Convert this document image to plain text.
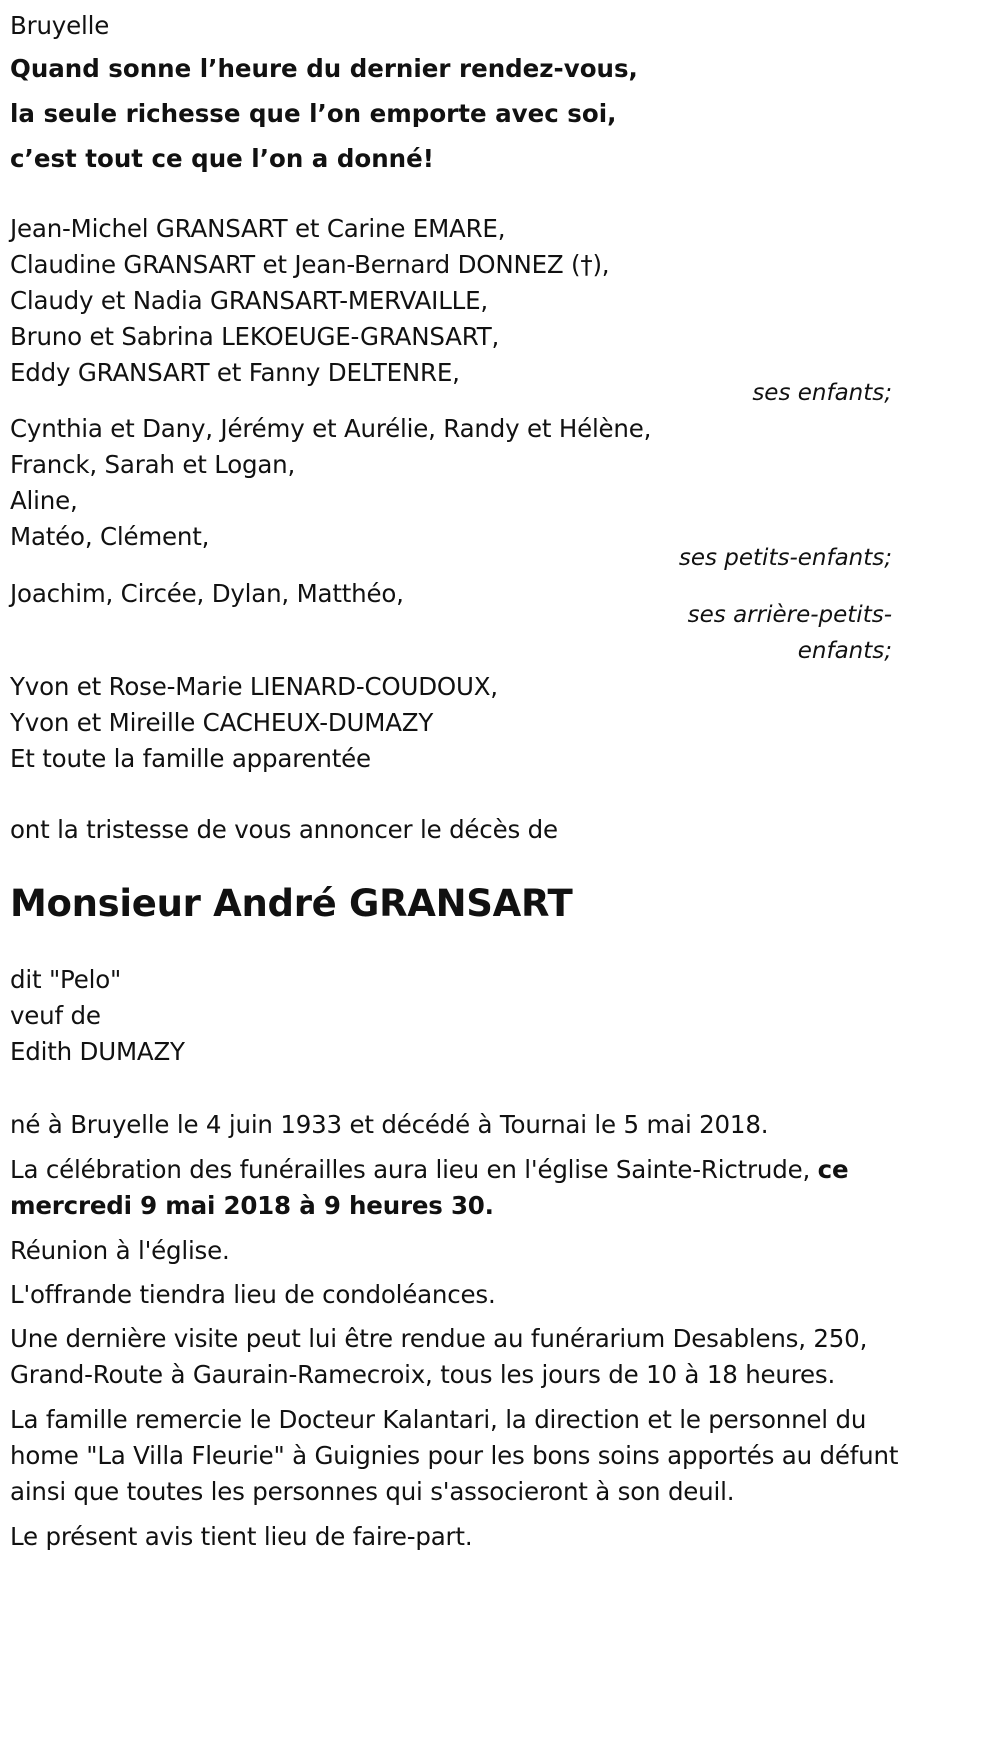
Bruyelle
Quand sonne l’heure du dernier rendez-vous,
la seule richesse que l’on emporte avec soi,
c’est tout ce que l’on a donné!
Jean-Michel GRANSART et Carine EMARE,
Claudine GRANSART et Jean-Bernard DONNEZ (†),
Claudy et Nadia GRANSART-MERVAILLE,
Bruno et Sabrina LEKOEUGE-GRANSART,
Eddy GRANSART et Fanny DELTENRE,
ses enfants;
Cynthia et Dany, Jérémy et Aurélie, Randy et Hélène,
Franck, Sarah et Logan,
Aline,
Matéo, Clément,
ses petits-enfants;
Joachim, Circée, Dylan, Matthéo,
ses arrière-petits-
enfants;
Yvon et Rose-Marie LIENARD-COUDOUX,
Yvon et Mireille CACHEUX-DUMAZY
Et toute la famille apparentée
ont la tristesse de vous annoncer le décès de
Monsieur André GRANSART
dit "Pelo"
veuf de
Edith DUMAZY
né à Bruyelle le 4 juin 1933 et décédé à Tournai le 5 mai 2018.
La célébration des funérailles aura lieu en l'église Sainte-Rictrude, ce mercredi 9 mai 2018 à 9 heures 30.
Réunion à l'église.
L'offrande tiendra lieu de condoléances.
Une dernière visite peut lui être rendue au funérarium Desablens, 250, Grand-Route à Gaurain-Ramecroix, tous les jours de 10 à 18 heures.
La famille remercie le Docteur Kalantari, la direction et le personnel du home "La Villa Fleurie" à Guignies pour les bons soins apportés au défunt ainsi que toutes les personnes qui s'associeront à son deuil.
Le présent avis tient lieu de faire-part.
